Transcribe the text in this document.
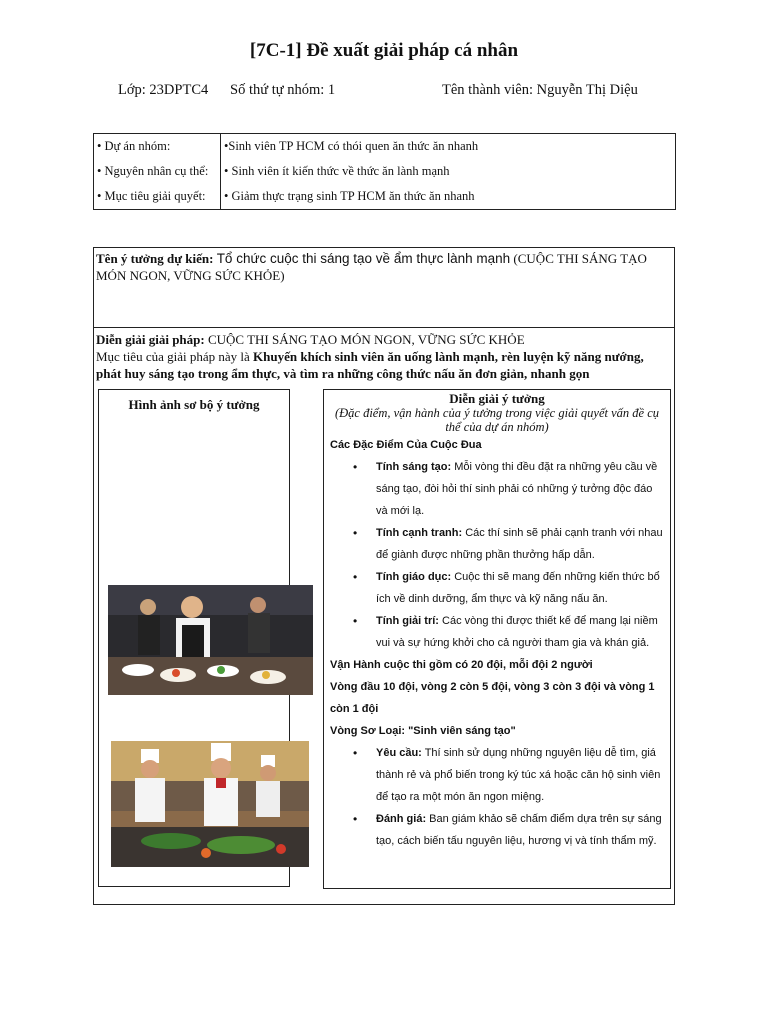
[7C-1] Đề xuất giải pháp cá nhân
Lớp: 23DPTC4 Số thứ tự nhóm: 1	Tên thành viên: Nguyễn Thị Diệu
• Dự án nhóm:	•Sinh viên TP HCM có thói quen ăn thức ăn nhanh
• Nguyên nhân cụ thể:	• Sinh viên ít kiến thức về thức ăn lành mạnh
• Mục tiêu giải quyết:	• Giảm thực trạng sinh TP HCM ăn thức ăn nhanh
Tên ý tưởng dự kiến: Tổ chức cuộc thi sáng tạo về ẩm thực lành mạnh (CUỘC THI SÁNG TẠO MÓN NGON, VỮNG SỨC KHỎE)
Diễn giải giải pháp: CUỘC THI SÁNG TẠO MÓN NGON, VỮNG SỨC KHỎE
Mục tiêu của giải pháp này là Khuyến khích sinh viên ăn uống lành mạnh, rèn luyện kỹ năng nướng, phát huy sáng tạo trong ẩm thực, và tìm ra những công thức nấu ăn đơn giản, nhanh gọn
Hình ảnh sơ bộ ý tưởng	Diễn giải ý tưởng
(Đặc điểm, vận hành của ý tưởng trong việc giải quyết vấn đề cụ thể của dự án nhóm)
Các Đặc Điểm Của Cuộc Đua
• Tính sáng tạo: Mỗi vòng thi đều đặt ra những yêu cầu về sáng tạo, đòi hỏi thí sinh phải có những ý tưởng độc đáo và mới lạ.
• Tính cạnh tranh: Các thí sinh sẽ phải cạnh tranh với nhau để giành được những phần thưởng hấp dẫn.
• Tính giáo dục: Cuộc thi sẽ mang đến những kiến thức bổ ích về dinh dưỡng, ẩm thực và kỹ năng nấu ăn.
• Tính giải trí: Các vòng thi được thiết kế để mang lại niềm vui và sự hứng khởi cho cả người tham gia và khán giả.
Vận Hành cuộc thi gồm có 20 đội, mỗi đội 2 người
Vòng đầu 10 đội, vòng 2 còn 5 đội, vòng 3 còn 3 đội và vòng 1 còn 1 đội
Vòng Sơ Loại: "Sinh viên sáng tạo"
• Yêu cầu: Thí sinh sử dụng những nguyên liệu dễ tìm, giá thành rẻ và phổ biến trong ký túc xá hoặc căn hộ sinh viên để tạo ra một món ăn ngon miệng.
• Đánh giá: Ban giám khảo sẽ chấm điểm dựa trên sự sáng tạo, cách biến tấu nguyên liệu, hương vị và tính thẩm mỹ.
